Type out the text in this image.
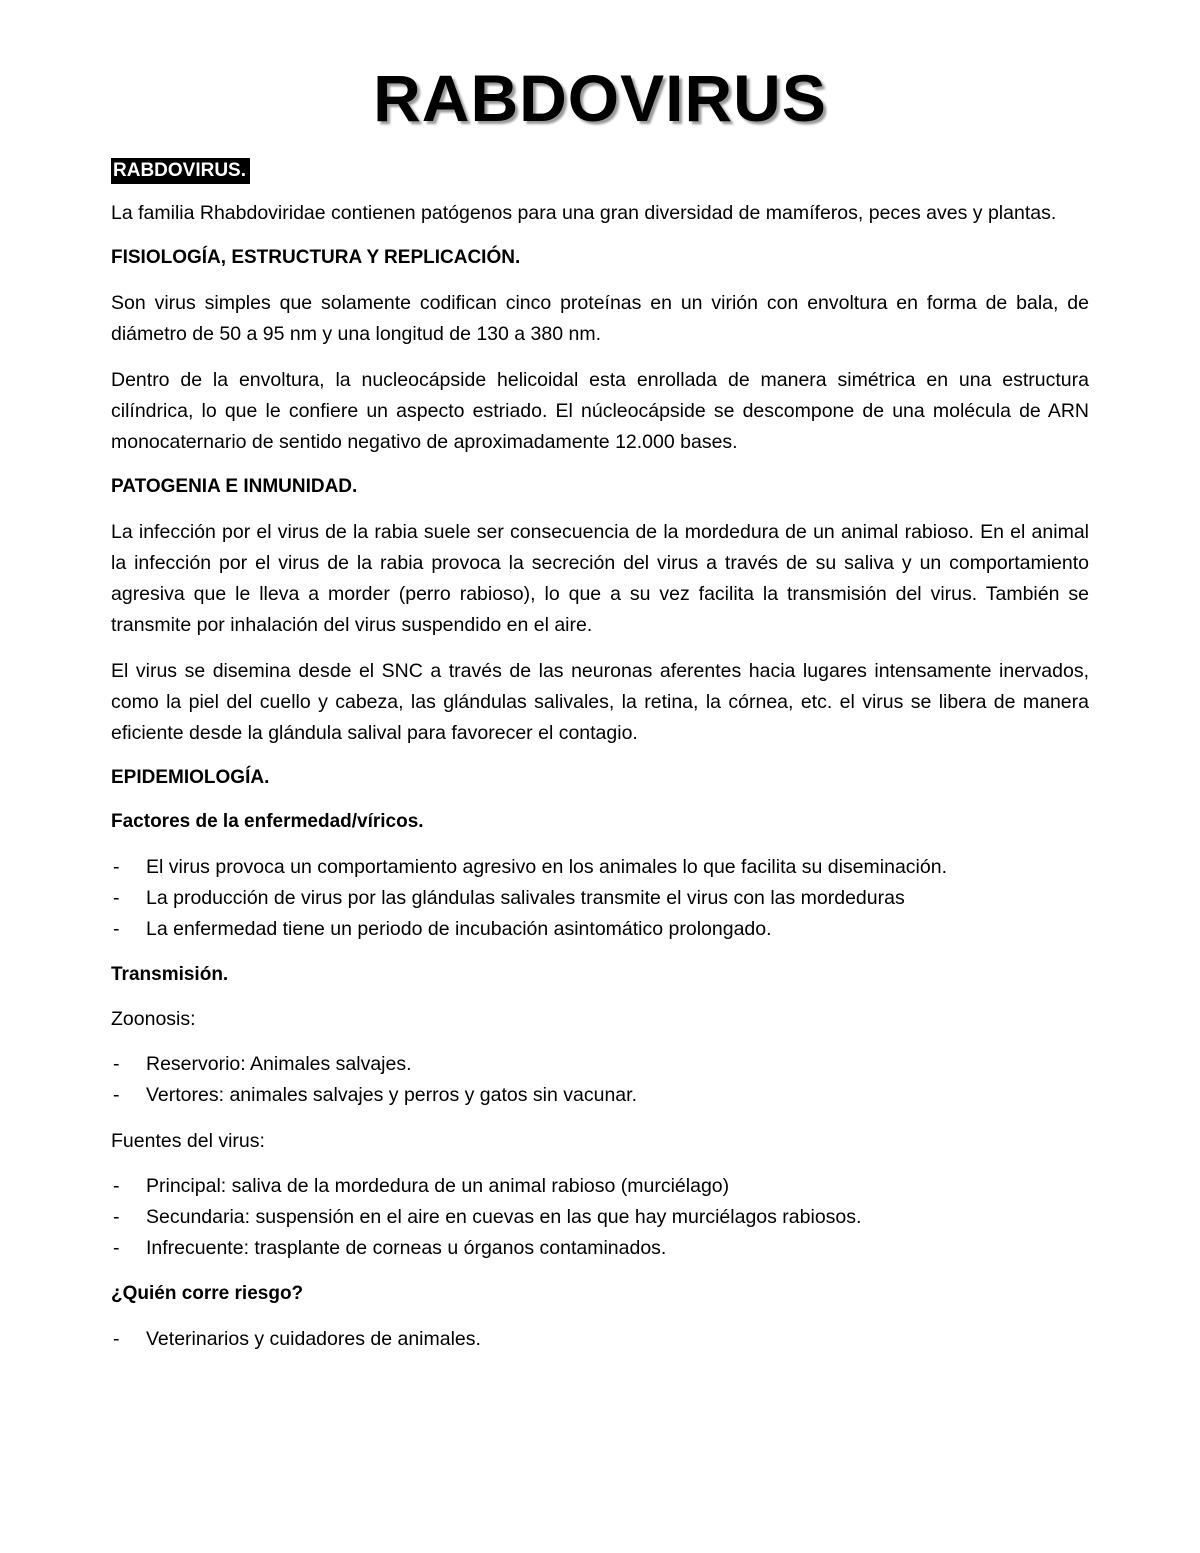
RABDOVIRUS
RABDOVIRUS.
La familia Rhabdoviridae contienen patógenos para una gran diversidad de mamíferos, peces aves y plantas.
FISIOLOGÍA, ESTRUCTURA Y REPLICACIÓN.
Son virus simples que solamente codifican cinco proteínas en un virión con envoltura en forma de bala, de diámetro de 50 a 95 nm y una longitud de 130 a 380 nm.
Dentro de la envoltura, la nucleocápside helicoidal esta enrollada de manera simétrica en una estructura cilíndrica, lo que le confiere un aspecto estriado. El núcleocápside se descompone de una molécula de ARN monocaternario de sentido negativo de aproximadamente 12.000 bases.
PATOGENIA E INMUNIDAD.
La infección por el virus de la rabia suele ser consecuencia de la mordedura de un animal rabioso. En el animal la infección por el virus de la rabia provoca la secreción del virus a través de su saliva y un comportamiento agresiva que le lleva a morder (perro rabioso), lo que a su vez facilita la transmisión del virus. También se transmite por inhalación del virus suspendido en el aire.
El virus se disemina desde el SNC a través de las neuronas aferentes hacia lugares intensamente inervados, como la piel del cuello y cabeza, las glándulas salivales, la retina, la córnea, etc. el virus se libera de manera eficiente desde la glándula salival para favorecer el contagio.
EPIDEMIOLOGÍA.
Factores de la enfermedad/víricos.
- El virus provoca un comportamiento agresivo en los animales lo que facilita su diseminación.
- La producción de virus por las glándulas salivales transmite el virus con las mordeduras
- La enfermedad tiene un periodo de incubación asintomático prolongado.
Transmisión.
Zoonosis:
- Reservorio: Animales salvajes.
- Vertores: animales salvajes y perros y gatos sin vacunar.
Fuentes del virus:
- Principal: saliva de la mordedura de un animal rabioso (murciélago)
- Secundaria: suspensión en el aire en cuevas en las que hay murciélagos rabiosos.
- Infrecuente: trasplante de corneas u órganos contaminados.
¿Quién corre riesgo?
- Veterinarios y cuidadores de animales.
